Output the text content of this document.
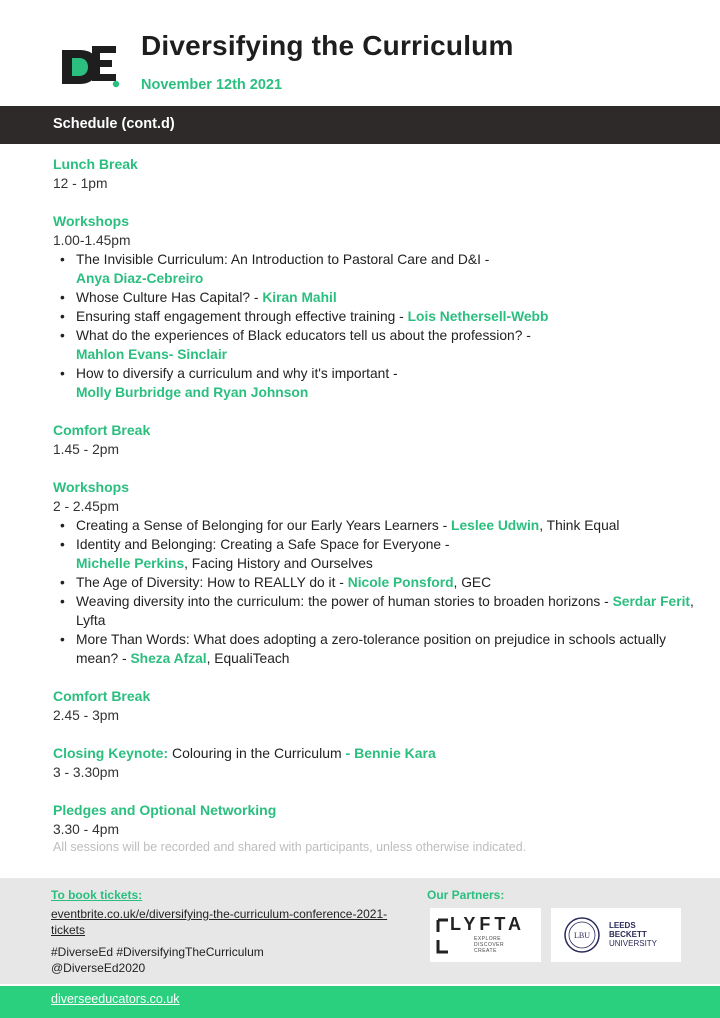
Diversifying the Curriculum
November 12th 2021
Schedule (cont.d)
Lunch Break
12 - 1pm
Workshops
1.00-1.45pm
• The Invisible Curriculum: An Introduction to Pastoral Care and D&I -
Anya Diaz-Cebreiro
• Whose Culture Has Capital? - Kiran Mahil
• Ensuring staff engagement through effective training - Lois Nethersell-Webb
• What do the experiences of Black educators tell us about the profession? -
Mahlon Evans- Sinclair
• How to diversify a curriculum and why it's important -
Molly Burbridge and Ryan Johnson
Comfort Break
1.45 - 2pm
Workshops
2 - 2.45pm
• Creating a Sense of Belonging for our Early Years Learners - Leslee Udwin, Think Equal
• Identity and Belonging: Creating a Safe Space for Everyone -
Michelle Perkins, Facing History and Ourselves
• The Age of Diversity: How to REALLY do it - Nicole Ponsford, GEC
• Weaving diversity into the curriculum: the power of human stories to broaden horizons - Serdar Ferit, Lyfta
• More Than Words: What does adopting a zero-tolerance position on prejudice in schools actually mean? - Sheza Afzal, EqualiTeach
Comfort Break
2.45 - 3pm
Closing Keynote: Colouring in the Curriculum - Bennie Kara
3 - 3.30pm
Pledges and Optional Networking
3.30 - 4pm
All sessions will be recorded and shared with participants, unless otherwise indicated.
To book tickets:
eventbrite.co.uk/e/diversifying-the-curriculum-conference-2021-tickets
#DiverseEd #DiversifyingTheCurriculum
@DiverseEd2020
Our Partners:
LYFTA
EXPLORE
DISCOVER
CREATE
LBU
LEEDS
BECKETT
UNIVERSITY
diverseeducators.co.uk
